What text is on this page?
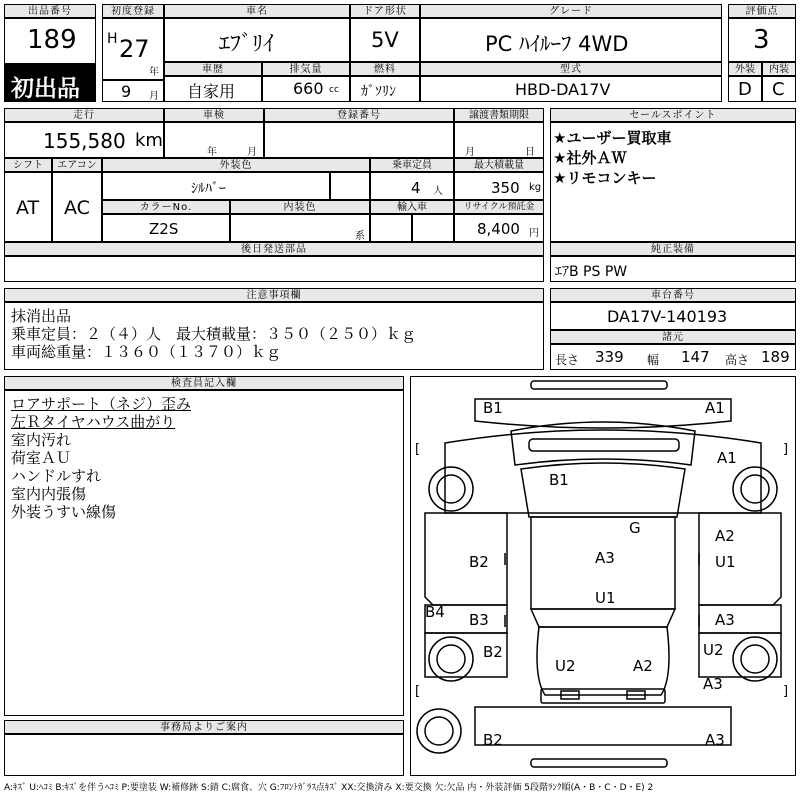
出品番号
189
初出品
初度登録
H 27
年
9 月
車名
ｴﾌﾞﾘｲ
ドア形状
5V
グレード
PC ﾊｲﾙｰﾌ 4WD
評価点
3
車歴
自家用
排気量
660 cc
燃料
ｶﾞｿﾘﾝ
型式
HBD-DA17V
外装
D
内装
C
走行
155,580 km
車検
年	月
登録番号	譲渡書類期限
月	日
シフト
AT
エアコン
AC
外装色
ｼﾙﾊﾞｰ
乗車定員
4 人
最大積載量
350 kg
カラーNo.
Z2S
内装色
系
輸入車	リサイクル預託金
8,400 円
後日発送部品
セールスポイント
★ユーザー買取車
★社外ＡＷ
★リモコンキー
純正装備
ｴｱB PS PW
注意事項欄
抹消出品
乗車定員：２（４）人　最大積載量：３５０（２５０）ｋｇ
車両総重量：１３６０（１３７０）ｋｇ
車台番号
DA17V-140193
諸元
長さ 339 幅 147 高さ 189
検査員記入欄
ロアサポート（ネジ）歪み
左Ｒタイヤハウス曲がり
室内汚れ
荷室ＡＵ
ハンドルすれ
室内内張傷
外装うすい線傷
事務局よりご案内
[	]
[	]
B1	A1
A1
B1
G	A2
U1
B2	A3
U1
A3
B4 B3
B2
U2	A2
U2
A3
B2	A3
A:ｷｽﾞ U:ﾍｺﾐ B:ｷｽﾞを伴うﾍｺﾐ P:要塗装 W:補修跡 S:錆 C:腐食、穴 G:ﾌﾛﾝﾄｶﾞﾗｽ点ｷｽﾞ XX:交換済み X:要交換 欠:欠品 内・外装評価 5段階ﾗﾝｸ順(A・B・C・D・E) 2
